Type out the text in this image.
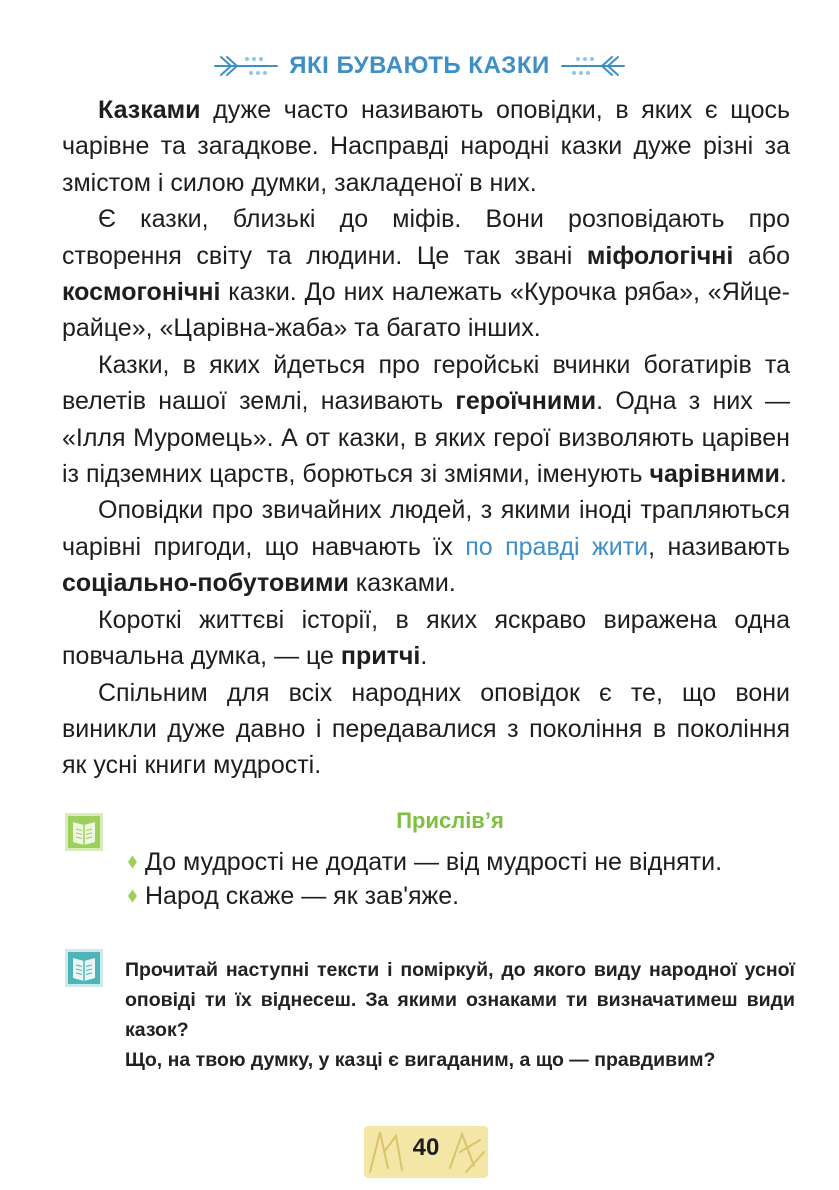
ЯКІ БУВАЮТЬ КАЗКИ

Казками дуже часто називають оповідки, в яких є щось чарівне та загадкове. Насправді народні казки дуже різні за змістом і силою думки, закладеної в них.

Є казки, близькі до міфів. Вони розповідають про створення світу та людини. Це так звані міфологічні або космогонічні казки. До них належать «Курочка ряба», «Яйце-райце», «Царівна-жаба» та багато інших.

Казки, в яких йдеться про геройські вчинки богатирів та велетів нашої землі, називають героїчними. Одна з них — «Ілля Муромець». А от казки, в яких герої визволяють царівен із підземних царств, борються зі зміями, іменують чарівними.

Оповідки про звичайних людей, з якими іноді трапляються чарівні пригоди, що навчають їх по правді жити, називають соціально-побутовими казками.

Короткі життєві історії, в яких яскраво виражена одна повчальна думка, — це притчі.

Спільним для всіх народних оповідок є те, що вони виникли дуже давно і передавалися з покоління в покоління як усні книги мудрості.

Прислів’я
До мудрості не додати — від мудрості не відняти.
Народ скаже — як зав'яже.

Прочитай наступні тексти і поміркуй, до якого виду народної усної оповіді ти їх віднесеш. За якими ознаками ти визначатимеш види казок?

Що, на твою думку, у казці є вигаданим, а що — правдивим?

40
